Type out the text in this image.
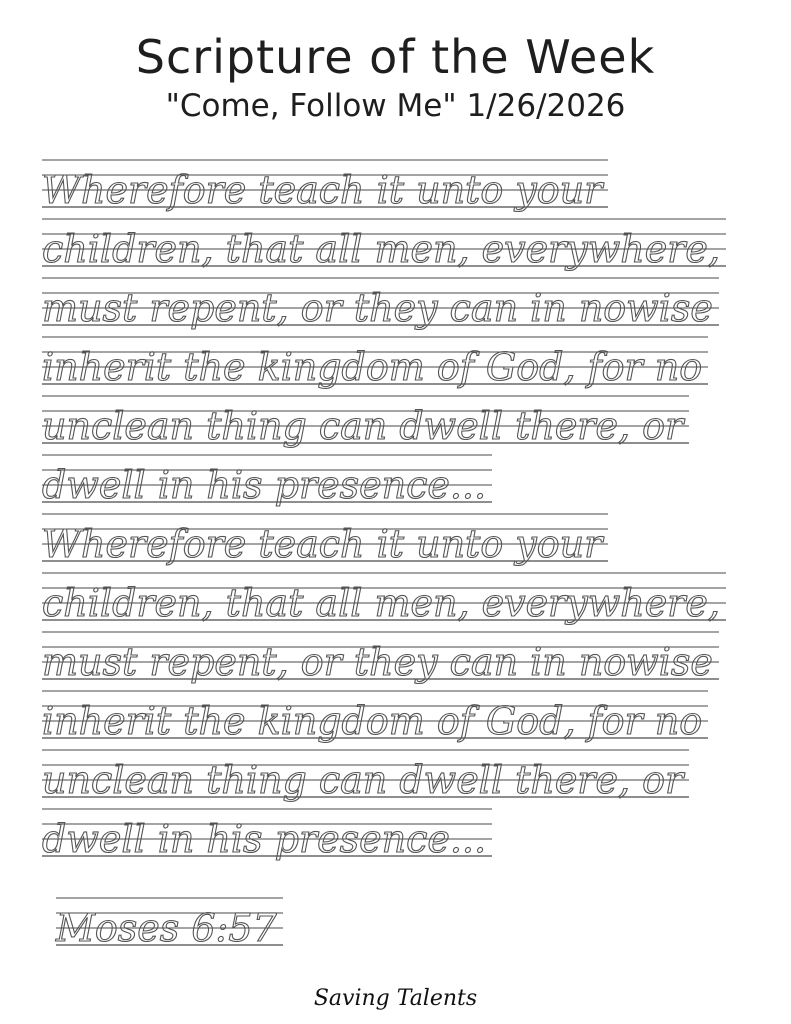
Scripture of the Week
"Come, Follow Me" 1/26/2026
Wherefore teach it unto your
children, that all men, everywhere,
must repent, or they can in nowise
inherit the kingdom of God, for no
unclean thing can dwell there, or
dwell in his presence...
Wherefore teach it unto your
children, that all men, everywhere,
must repent, or they can in nowise
inherit the kingdom of God, for no
unclean thing can dwell there, or
dwell in his presence...
Moses 6:57
Saving Talents
